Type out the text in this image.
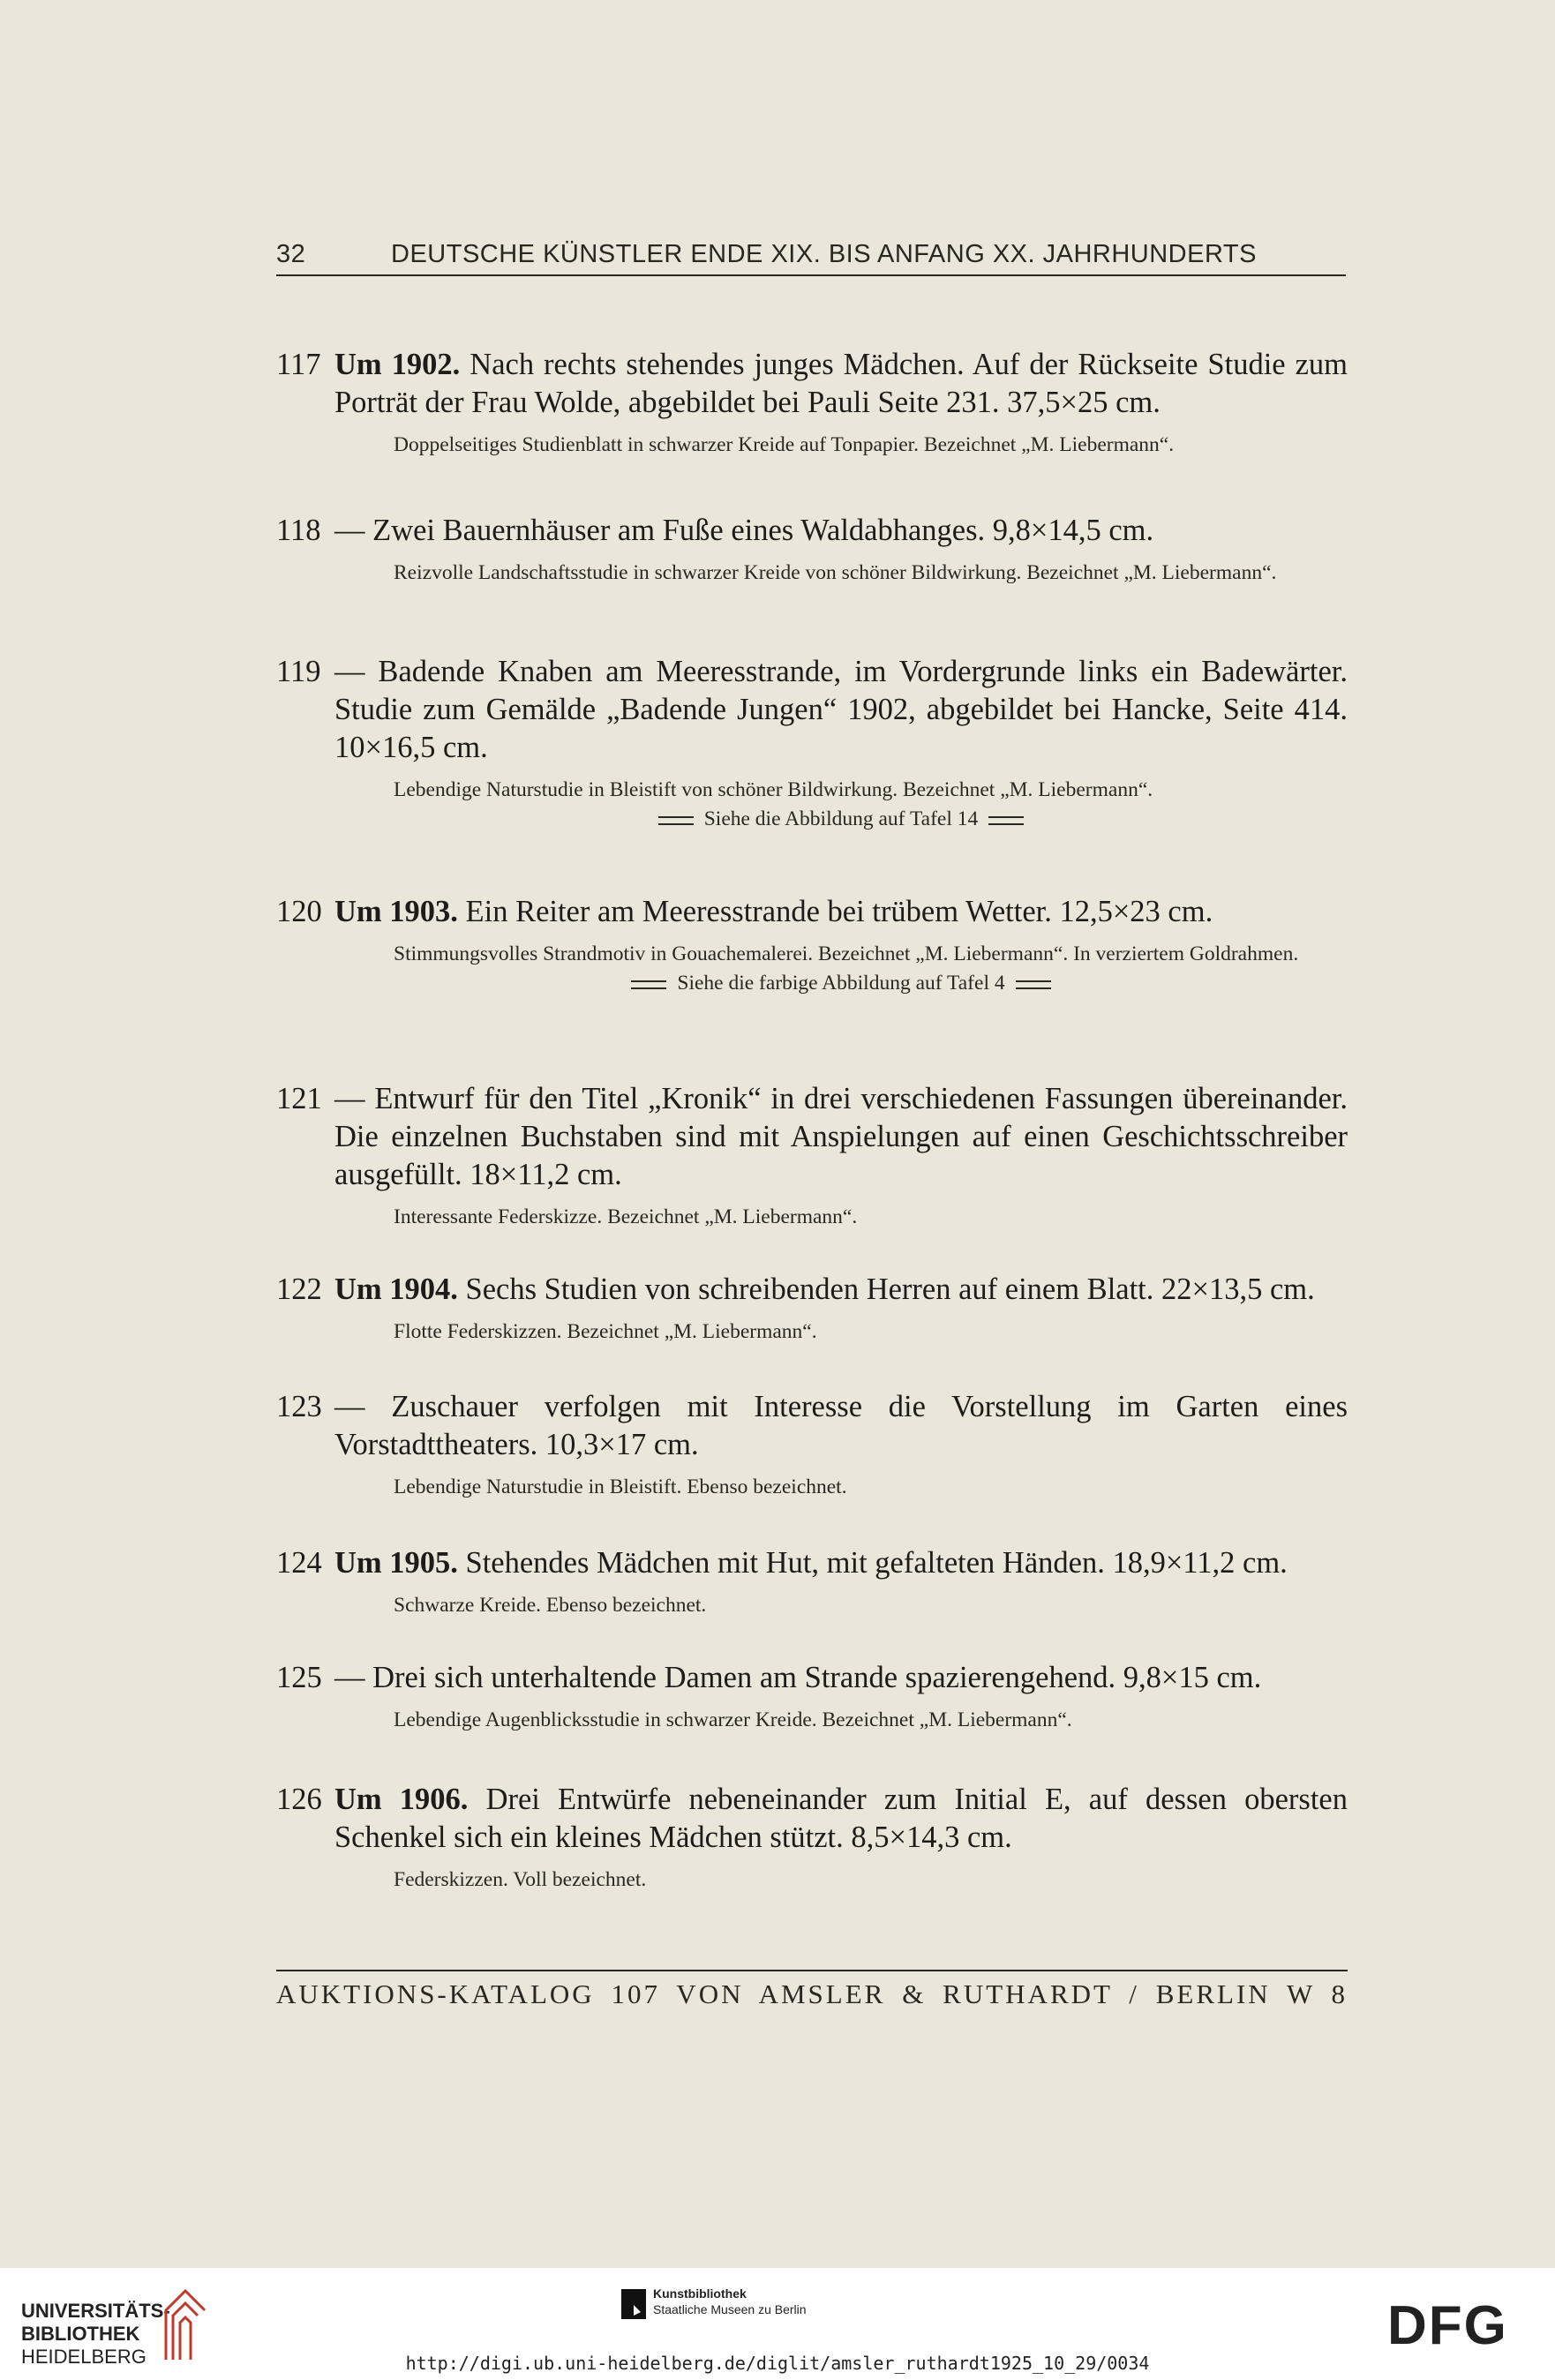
32	DEUTSCHE KÜNSTLER ENDE XIX. BIS ANFANG XX. JAHRHUNDERTS
117 Um 1902. Nach rechts stehendes junges Mädchen. Auf der Rückseite Studie zum Porträt der Frau Wolde, abgebildet bei Pauli Seite 231. 37,5×25 cm.
Doppelseitiges Studienblatt in schwarzer Kreide auf Tonpapier. Bezeichnet „M. Liebermann“.
118 — Zwei Bauernhäuser am Fuße eines Waldabhanges. 9,8×14,5 cm.
Reizvolle Landschaftsstudie in schwarzer Kreide von schöner Bildwirkung. Bezeichnet „M. Liebermann“.
119 — Badende Knaben am Meeresstrande, im Vordergrunde links ein Badewärter. Studie zum Gemälde „Badende Jungen“ 1902, abgebildet bei Hancke, Seite 414. 10×16,5 cm.
Lebendige Naturstudie in Bleistift von schöner Bildwirkung. Bezeichnet „M. Liebermann“.
Siehe die Abbildung auf Tafel 14
120 Um 1903. Ein Reiter am Meeresstrande bei trübem Wetter. 12,5×23 cm.
Stimmungsvolles Strandmotiv in Gouachemalerei. Bezeichnet „M. Liebermann“. In verziertem Goldrahmen.
Siehe die farbige Abbildung auf Tafel 4
121 — Entwurf für den Titel „Kronik“ in drei verschiedenen Fassungen übereinander. Die einzelnen Buchstaben sind mit Anspielungen auf einen Geschichtsschreiber ausgefüllt. 18×11,2 cm.
Interessante Federskizze. Bezeichnet „M. Liebermann“.
122 Um 1904. Sechs Studien von schreibenden Herren auf einem Blatt. 22×13,5 cm.
Flotte Federskizzen. Bezeichnet „M. Liebermann“.
123 — Zuschauer verfolgen mit Interesse die Vorstellung im Garten eines Vorstadttheaters. 10,3×17 cm.
Lebendige Naturstudie in Bleistift. Ebenso bezeichnet.
124 Um 1905. Stehendes Mädchen mit Hut, mit gefalteten Händen. 18,9×11,2 cm.
Schwarze Kreide. Ebenso bezeichnet.
125 — Drei sich unterhaltende Damen am Strande spazierengehend. 9,8×15 cm.
Lebendige Augenblicksstudie in schwarzer Kreide. Bezeichnet „M. Liebermann“.
126 Um 1906. Drei Entwürfe nebeneinander zum Initial E, auf dessen obersten Schenkel sich ein kleines Mädchen stützt. 8,5×14,3 cm.
Federskizzen. Voll bezeichnet.
AUKTIONS-KATALOG 107 VON AMSLER & RUTHARDT / BERLIN W 8
UNIVERSITÄTS-
BIBLIOTHEK
HEIDELBERG
Kunstbibliothek
Staatliche Museen zu Berlin	DFG
http://digi.ub.uni-heidelberg.de/diglit/amsler_ruthardt1925_10_29/0034
